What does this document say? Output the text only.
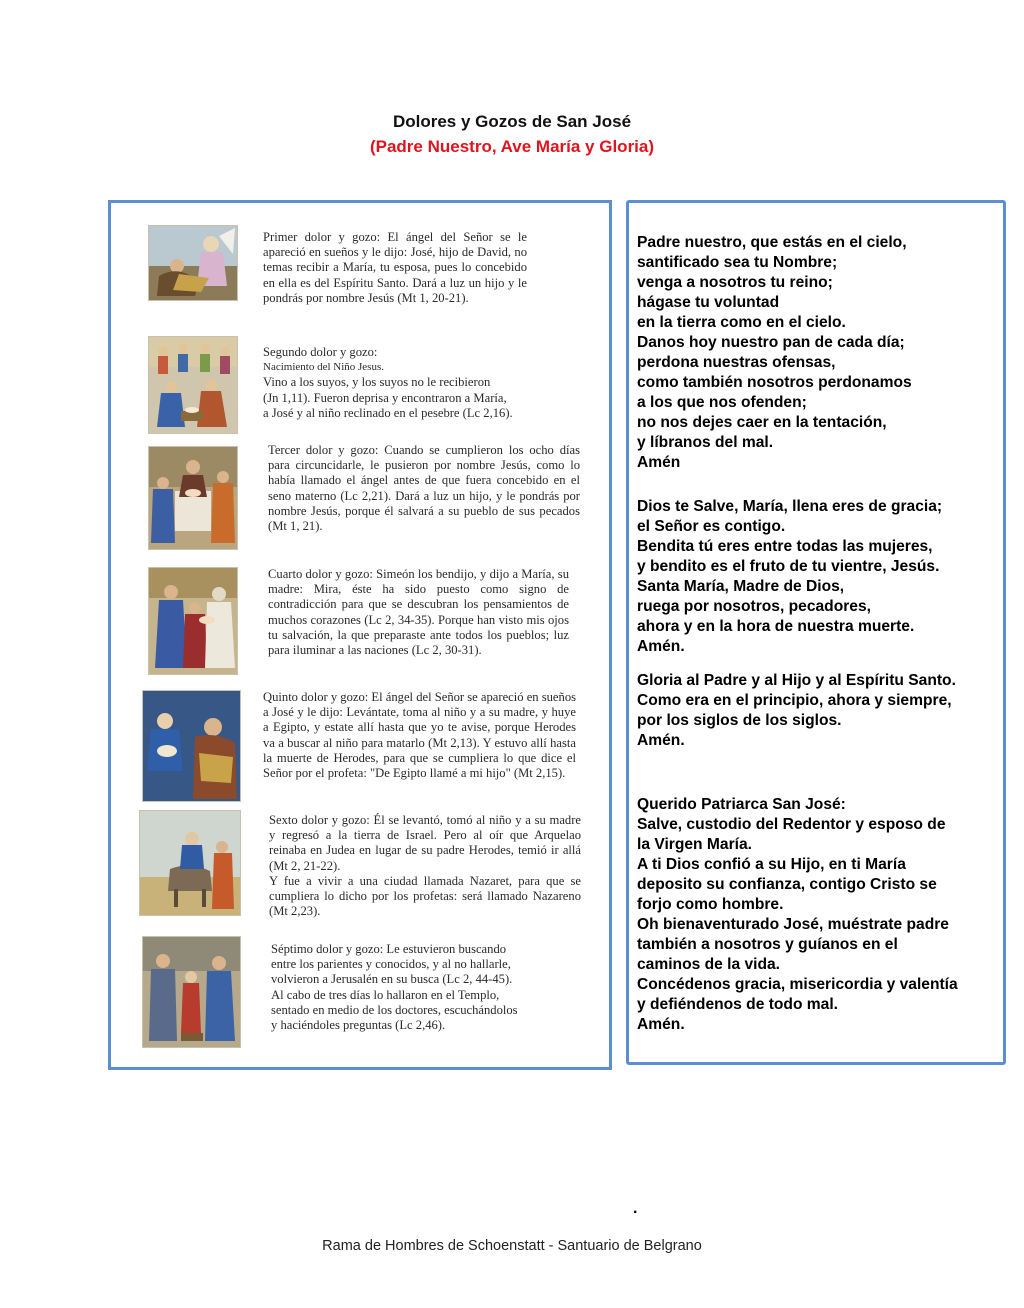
Dolores y Gozos de San José
(Padre Nuestro, Ave María y Gloria)

Primer dolor y gozo: El ángel del Señor se le apareció en sueños y le dijo: José, hijo de David, no temas recibir a María, tu esposa, pues lo concebido en ella es del Espíritu Santo. Dará a luz un hijo y le pondrás por nombre Jesús (Mt 1, 20-21).

Segundo dolor y gozo:

Nacimiento del Niño Jesus.

Vino a los suyos, y los suyos no le recibieron

(Jn 1,11). Fueron deprisa y encontraron a María,

a José y al niño reclinado en el pesebre (Lc 2,16).

Tercer dolor y gozo: Cuando se cumplieron los ocho días para circuncidarle, le pusieron por nombre Jesús, como lo había llamado el ángel antes de que fuera concebido en el seno materno (Lc 2,21). Dará a luz un hijo, y le pondrás por nombre Jesús, porque él salvará a su pueblo de sus pecados (Mt 1, 21).

Cuarto dolor y gozo: Simeón los bendijo, y dijo a María, su madre: Mira, éste ha sido puesto como signo de contradicción para que se descubran los pensamientos de muchos corazones (Lc 2, 34-35). Porque han visto mis ojos tu salvación, la que preparaste ante todos los pueblos; luz para iluminar a las naciones (Lc 2, 30-31).

Quinto dolor y gozo: El ángel del Señor se apareció en sueños a José y le dijo: Levántate, toma al niño y a su madre, y huye a Egipto, y estate allí hasta que yo te avise, porque Herodes va a buscar al niño para matarlo (Mt 2,13). Y estuvo allí hasta la muerte de Herodes, para que se cumpliera lo que dice el Señor por el profeta: "De Egipto llamé a mi hijo" (Mt 2,15).

Sexto dolor y gozo: Él se levantó, tomó al niño y a su madre y regresó a la tierra de Israel. Pero al oír que Arquelao reinaba en Judea en lugar de su padre Herodes, temió ir allá (Mt 2, 21-22).

Y fue a vivir a una ciudad llamada Nazaret, para que se cumpliera lo dicho por los profetas: será llamado Nazareno (Mt 2,23).

Séptimo dolor y gozo: Le estuvieron buscando

entre los parientes y conocidos, y al no hallarle,

volvieron a Jerusalén en su busca (Lc 2, 44-45).

Al cabo de tres días lo hallaron en el Templo,

sentado en medio de los doctores, escuchándolos

y haciéndoles preguntas (Lc 2,46).

Padre nuestro, que estás en el cielo,
santificado sea tu Nombre;
venga a nosotros tu reino;
hágase tu voluntad
en la tierra como en el cielo.
Danos hoy nuestro pan de cada día;
perdona nuestras ofensas,
como también nosotros perdonamos
a los que nos ofenden;
no nos dejes caer en la tentación,
y líbranos del mal.
Amén
Dios te Salve, María, llena eres de gracia;
el Señor es contigo.
Bendita tú eres entre todas las mujeres,
y bendito es el fruto de tu vientre, Jesús.
Santa María, Madre de Dios,
ruega por nosotros, pecadores,
ahora y en la hora de nuestra muerte.
Amén.
Gloria al Padre y al Hijo y al Espíritu Santo.
Como era en el principio, ahora y siempre,
por los siglos de los siglos.
Amén.
Querido Patriarca San José:
Salve, custodio del Redentor y esposo de
la Virgen María.
A ti Dios confió a su Hijo, en ti María
deposito su confianza, contigo Cristo se
forjo como hombre.
Oh bienaventurado José, muéstrate padre
también a nosotros y guíanos en el
caminos de la vida.
Concédenos gracia, misericordia y valentía
y defiéndenos de todo mal.
Amén.
.
Rama de Hombres de Schoenstatt - Santuario de Belgrano
